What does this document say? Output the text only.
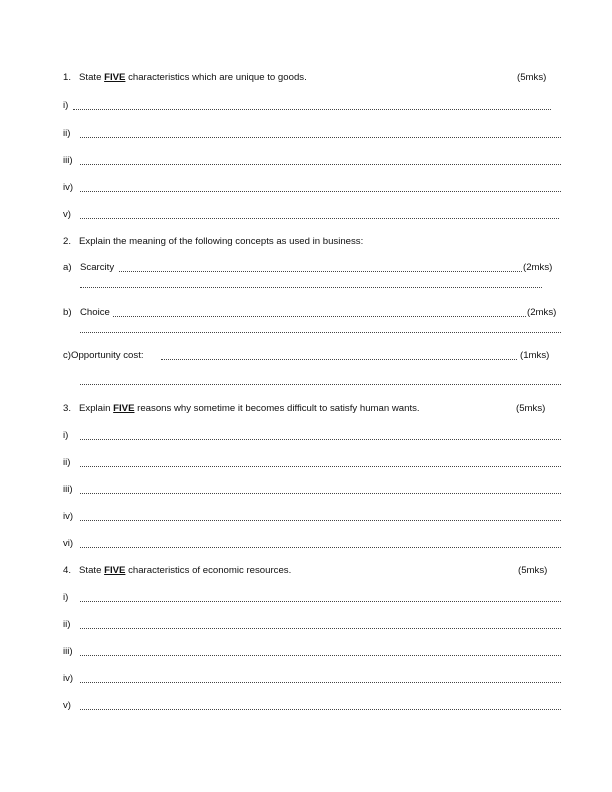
1. State FIVE characteristics which are unique to goods.	(5mks)
i)
ii)
iii)
iv)
v)
2. Explain the meaning of the following concepts as used in business:
a) Scarcity	(2mks)
b) Choice	(2mks)
c)Opportunity cost:	(1mks)
3. Explain FIVE reasons why sometime it becomes difficult to satisfy human wants.	(5mks)
i)
ii)
iii)
iv)
vi)
4. State FIVE characteristics of economic resources.	(5mks)
i)
ii)
iii)
iv)
v)
